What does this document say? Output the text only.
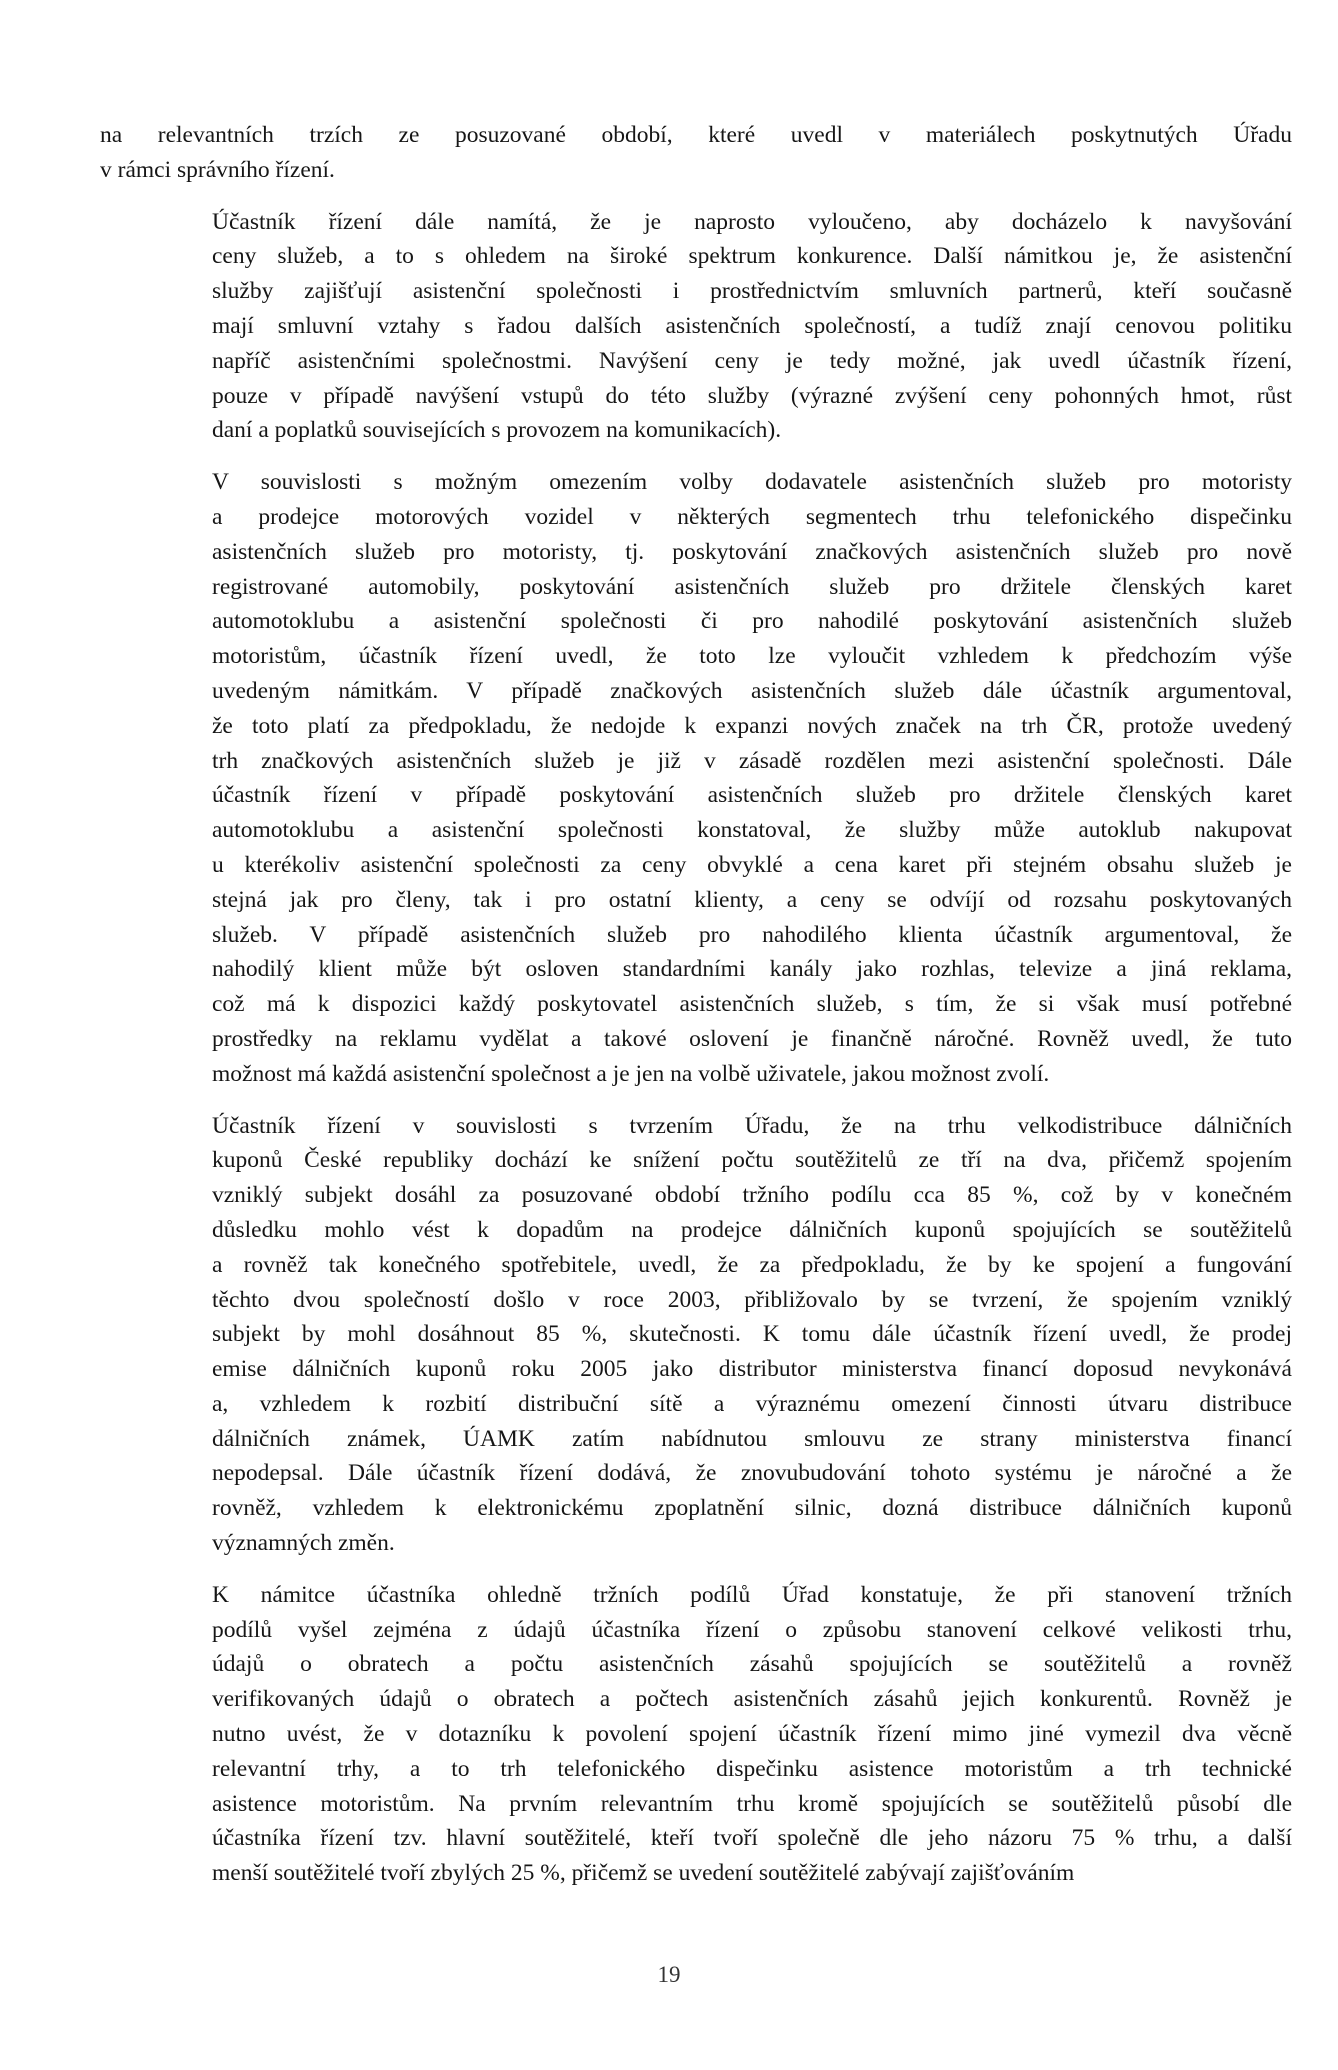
na relevantních trzích ze posuzované období, které uvedl v materiálech poskytnutých Úřadu
v rámci správního řízení.

Účastník řízení dále namítá, že je naprosto vyloučeno, aby docházelo k navyšování
ceny služeb, a to s ohledem na široké spektrum konkurence. Další námitkou je, že asistenční
služby zajišťují asistenční společnosti i prostřednictvím smluvních partnerů, kteří současně
mají smluvní vztahy s řadou dalších asistenčních společností, a tudíž znají cenovou politiku
napříč asistenčními společnostmi. Navýšení ceny je tedy možné, jak uvedl účastník řízení,
pouze v případě navýšení vstupů do této služby (výrazné zvýšení ceny pohonných hmot, růst
daní a poplatků souvisejících s provozem na komunikacích).

V souvislosti s možným omezením volby dodavatele asistenčních služeb pro motoristy
a prodejce motorových vozidel v některých segmentech trhu telefonického dispečinku
asistenčních služeb pro motoristy, tj. poskytování značkových asistenčních služeb pro nově
registrované automobily, poskytování asistenčních služeb pro držitele členských karet
automotoklubu a asistenční společnosti či pro nahodilé poskytování asistenčních služeb
motoristům, účastník řízení uvedl, že toto lze vyloučit vzhledem k předchozím výše
uvedeným námitkám. V případě značkových asistenčních služeb dále účastník argumentoval,
že toto platí za předpokladu, že nedojde k expanzi nových značek na trh ČR, protože uvedený
trh značkových asistenčních služeb je již v zásadě rozdělen mezi asistenční společnosti. Dále
účastník řízení v případě poskytování asistenčních služeb pro držitele členských karet
automotoklubu a asistenční společnosti konstatoval, že služby může autoklub nakupovat
u kterékoliv asistenční společnosti za ceny obvyklé a cena karet při stejném obsahu služeb je
stejná jak pro členy, tak i pro ostatní klienty, a ceny se odvíjí od rozsahu poskytovaných
služeb. V případě asistenčních služeb pro nahodilého klienta účastník argumentoval, že
nahodilý klient může být osloven standardními kanály jako rozhlas, televize a jiná reklama,
což má k dispozici každý poskytovatel asistenčních služeb, s tím, že si však musí potřebné
prostředky na reklamu vydělat a takové oslovení je finančně náročné. Rovněž uvedl, že tuto
možnost má každá asistenční společnost a je jen na volbě uživatele, jakou možnost zvolí.

Účastník řízení v souvislosti s tvrzením Úřadu, že na trhu velkodistribuce dálničních
kuponů České republiky dochází ke snížení počtu soutěžitelů ze tří na dva, přičemž spojením
vzniklý subjekt dosáhl za posuzované období tržního podílu cca 85 %, což by v konečném
důsledku mohlo vést k dopadům na prodejce dálničních kuponů spojujících se soutěžitelů
a rovněž tak konečného spotřebitele, uvedl, že za předpokladu, že by ke spojení a fungování
těchto dvou společností došlo v roce 2003, přibližovalo by se tvrzení, že spojením vzniklý
subjekt by mohl dosáhnout 85 %, skutečnosti. K tomu dále účastník řízení uvedl, že prodej
emise dálničních kuponů roku 2005 jako distributor ministerstva financí doposud nevykonává
a, vzhledem k rozbití distribuční sítě a výraznému omezení činnosti útvaru distribuce
dálničních známek, ÚAMK zatím nabídnutou smlouvu ze strany ministerstva financí
nepodepsal. Dále účastník řízení dodává, že znovubudování tohoto systému je náročné a že
rovněž, vzhledem k elektronickému zpoplatnění silnic, dozná distribuce dálničních kuponů
významných změn.

K námitce účastníka ohledně tržních podílů Úřad konstatuje, že při stanovení tržních
podílů vyšel zejména z údajů účastníka řízení o způsobu stanovení celkové velikosti trhu,
údajů o obratech a počtu asistenčních zásahů spojujících se soutěžitelů a rovněž
verifikovaných údajů o obratech a počtech asistenčních zásahů jejich konkurentů. Rovněž je
nutno uvést, že v dotazníku k povolení spojení účastník řízení mimo jiné vymezil dva věcně
relevantní trhy, a to trh telefonického dispečinku asistence motoristům a trh technické
asistence motoristům. Na prvním relevantním trhu kromě spojujících se soutěžitelů působí dle
účastníka řízení tzv. hlavní soutěžitelé, kteří tvoří společně dle jeho názoru 75 % trhu, a další
menší soutěžitelé tvoří zbylých 25 %, přičemž se uvedení soutěžitelé zabývají zajišťováním

19
